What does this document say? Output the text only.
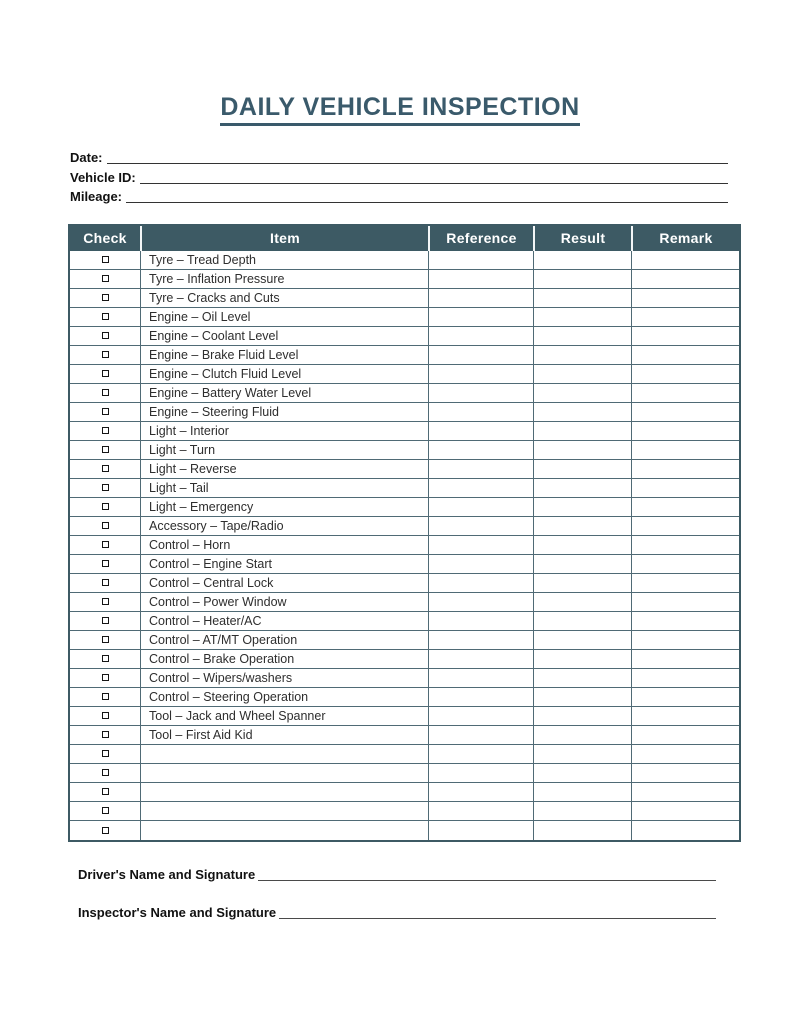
DAILY VEHICLE INSPECTION
Date:
Vehicle ID:
Mileage:
Check	Item	Reference	Result	Remark
	Tyre – Tread Depth			
	Tyre – Inflation Pressure			
	Tyre – Cracks and Cuts			
	Engine – Oil Level			
	Engine – Coolant Level			
	Engine – Brake Fluid Level			
	Engine – Clutch Fluid Level			
	Engine – Battery Water Level			
	Engine – Steering Fluid			
	Light – Interior			
	Light – Turn			
	Light – Reverse			
	Light – Tail			
	Light – Emergency			
	Accessory – Tape/Radio			
	Control – Horn			
	Control – Engine Start			
	Control – Central Lock			
	Control – Power Window			
	Control – Heater/AC			
	Control – AT/MT Operation			
	Control – Brake Operation			
	Control – Wipers/washers			
	Control – Steering Operation			
	Tool – Jack and Wheel Spanner			
	Tool – First Aid Kid			

Driver's Name and Signature
Inspector's Name and Signature
